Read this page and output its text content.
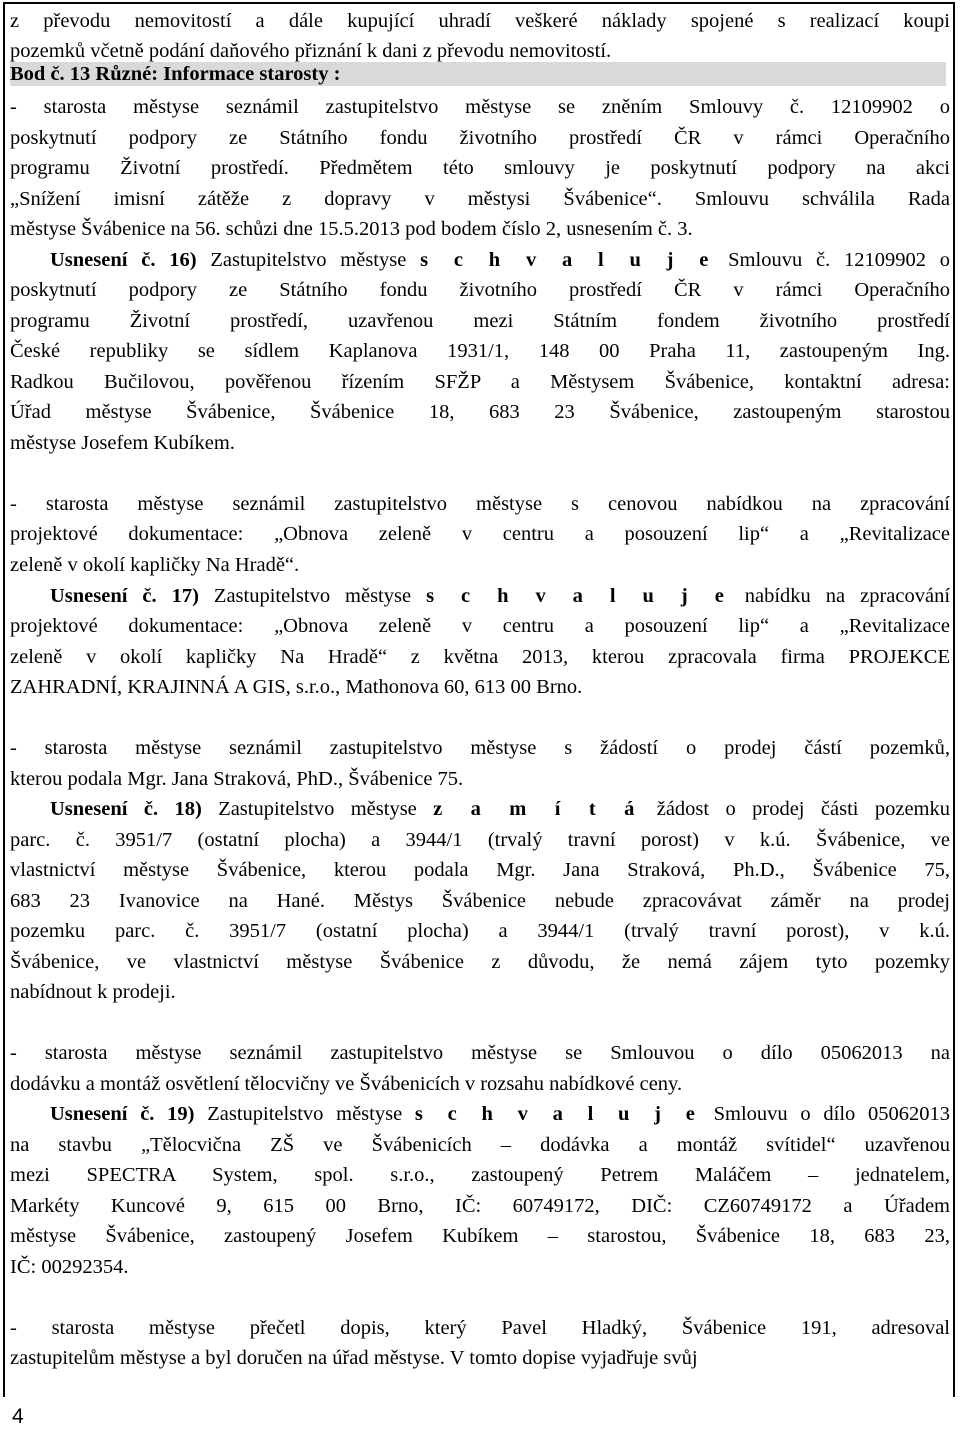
z převodu nemovitostí a dále kupující uhradí veškeré náklady spojené s realizací koupi
pozemků včetně podání daňového přiznání k dani z převodu nemovitostí.
Bod č. 13 Různé: Informace starosty :
- starosta městyse seznámil zastupitelstvo městyse se zněním Smlouvy č. 12109902 o
poskytnutí podpory ze Státního fondu životního prostředí ČR v rámci Operačního
programu Životní prostředí. Předmětem této smlouvy je poskytnutí podpory na akci
„Snížení imisní zátěže z dopravy v městysi Švábenice“. Smlouvu schválila Rada
městyse Švábenice na 56. schůzi dne 15.5.2013 pod bodem číslo 2, usnesením č. 3.
Usnesení č. 16) Zastupitelstvo městyse s c h v a l u j e Smlouvu č. 12109902 o
poskytnutí podpory ze Státního fondu životního prostředí ČR v rámci Operačního
programu Životní prostředí, uzavřenou mezi Státním fondem životního prostředí
České republiky se sídlem Kaplanova 1931/1, 148 00 Praha 11, zastoupeným Ing.
Radkou Bučilovou, pověřenou řízením SFŽP a Městysem Švábenice, kontaktní adresa:
Úřad městyse Švábenice, Švábenice 18, 683 23 Švábenice, zastoupeným starostou
městyse Josefem Kubíkem.
- starosta městyse seznámil zastupitelstvo městyse s cenovou nabídkou na zpracování
projektové dokumentace: „Obnova zeleně v centru a posouzení lip“ a „Revitalizace
zeleně v okolí kapličky Na Hradě“.
Usnesení č. 17) Zastupitelstvo městyse s c h v a l u j e nabídku na zpracování
projektové dokumentace: „Obnova zeleně v centru a posouzení lip“ a „Revitalizace
zeleně v okolí kapličky Na Hradě“ z května 2013, kterou zpracovala firma PROJEKCE
ZAHRADNÍ, KRAJINNÁ A GIS, s.r.o., Mathonova 60, 613 00 Brno.
- starosta městyse seznámil zastupitelstvo městyse s žádostí o prodej částí pozemků,
kterou podala Mgr. Jana Straková, PhD., Švábenice 75.
Usnesení č. 18) Zastupitelstvo městyse z a m í t á žádost o prodej části pozemku
parc. č. 3951/7 (ostatní plocha) a 3944/1 (trvalý travní porost) v k.ú. Švábenice, ve
vlastnictví městyse Švábenice, kterou podala Mgr. Jana Straková, Ph.D., Švábenice 75,
683 23 Ivanovice na Hané. Městys Švábenice nebude zpracovávat záměr na prodej
pozemku parc. č. 3951/7 (ostatní plocha) a 3944/1 (trvalý travní porost), v k.ú.
Švábenice, ve vlastnictví městyse Švábenice z důvodu, že nemá zájem tyto pozemky
nabídnout k prodeji.
- starosta městyse seznámil zastupitelstvo městyse se Smlouvou o dílo 05062013 na
dodávku a montáž osvětlení tělocvičny ve Švábenicích v rozsahu nabídkové ceny.
Usnesení č. 19) Zastupitelstvo městyse s c h v a l u j e Smlouvu o dílo 05062013
na stavbu „Tělocvična ZŠ ve Švábenicích – dodávka a montáž svítidel“ uzavřenou
mezi SPECTRA System, spol. s.r.o., zastoupený Petrem Maláčem – jednatelem,
Markéty Kuncové 9, 615 00 Brno, IČ: 60749172, DIČ: CZ60749172 a Úřadem
městyse Švábenice, zastoupený Josefem Kubíkem – starostou, Švábenice 18, 683 23,
IČ: 00292354.
- starosta městyse přečetl dopis, který Pavel Hladký, Švábenice 191, adresoval
zastupitelům městyse a byl doručen na úřad městyse. V tomto dopise vyjadřuje svůj
4
